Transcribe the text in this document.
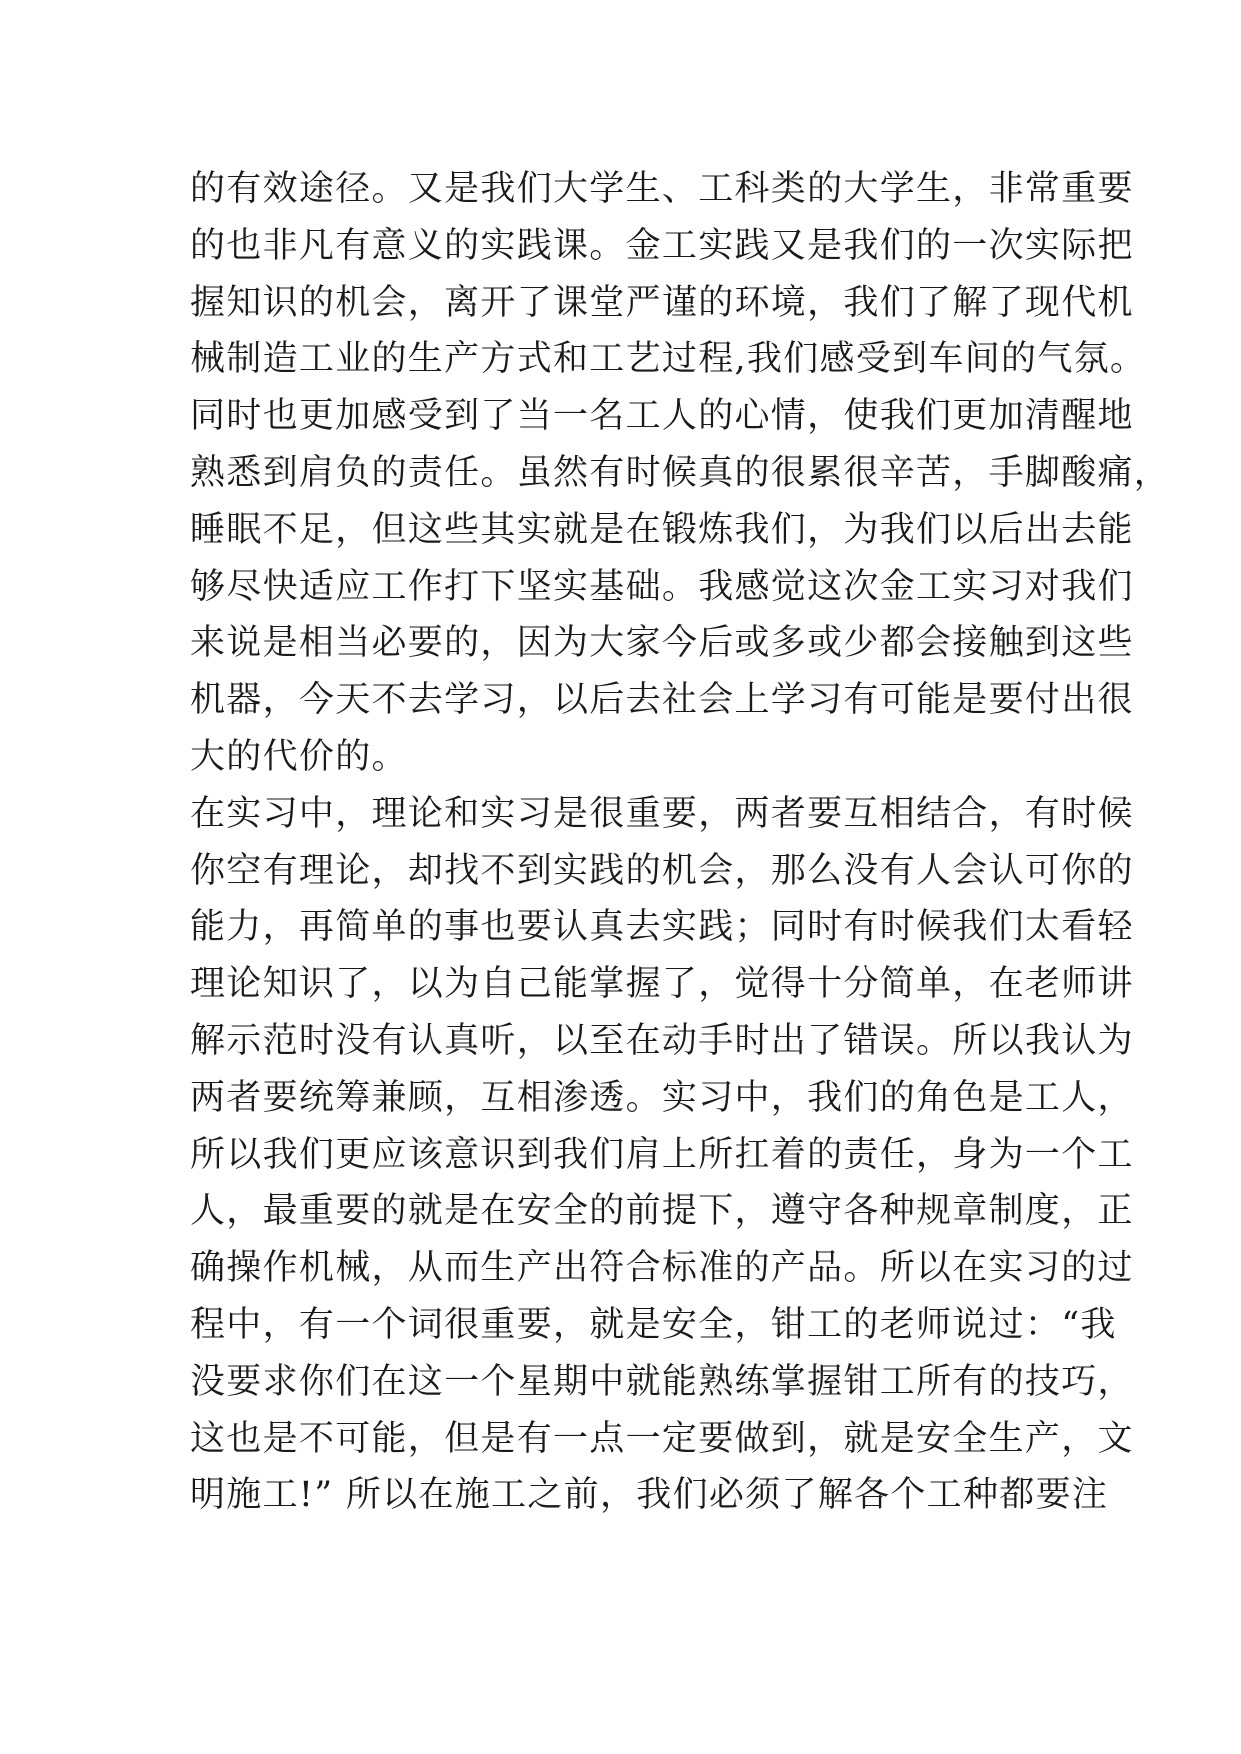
的有效途径。又是我们大学生、工科类的大学生，非常重要
的也非凡有意义的实践课。金工实践又是我们的一次实际把
握知识的机会，离开了课堂严谨的环境，我们了解了现代机
械制造工业的生产方式和工艺过程,我们感受到车间的气氛。
同时也更加感受到了当一名工人的心情，使我们更加清醒地
熟悉到肩负的责任。虽然有时候真的很累很辛苦，手脚酸痛，
睡眠不足，但这些其实就是在锻炼我们，为我们以后出去能
够尽快适应工作打下坚实基础。我感觉这次金工实习对我们
来说是相当必要的，因为大家今后或多或少都会接触到这些
机器，今天不去学习，以后去社会上学习有可能是要付出很
大的代价的。
在实习中，理论和实习是很重要，两者要互相结合，有时候
你空有理论，却找不到实践的机会，那么没有人会认可你的
能力，再简单的事也要认真去实践；同时有时候我们太看轻
理论知识了，以为自己能掌握了，觉得十分简单，在老师讲
解示范时没有认真听，以至在动手时出了错误。所以我认为
两者要统筹兼顾，互相渗透。实习中，我们的角色是工人，
所以我们更应该意识到我们肩上所扛着的责任，身为一个工
人，最重要的就是在安全的前提下，遵守各种规章制度，正
确操作机械，从而生产出符合标准的产品。所以在实习的过
程中，有一个词很重要，就是安全，钳工的老师说过：“我
没要求你们在这一个星期中就能熟练掌握钳工所有的技巧，
这也是不可能，但是有一点一定要做到，就是安全生产，文
明施工!” 所以在施工之前，我们必须了解各个工种都要注
